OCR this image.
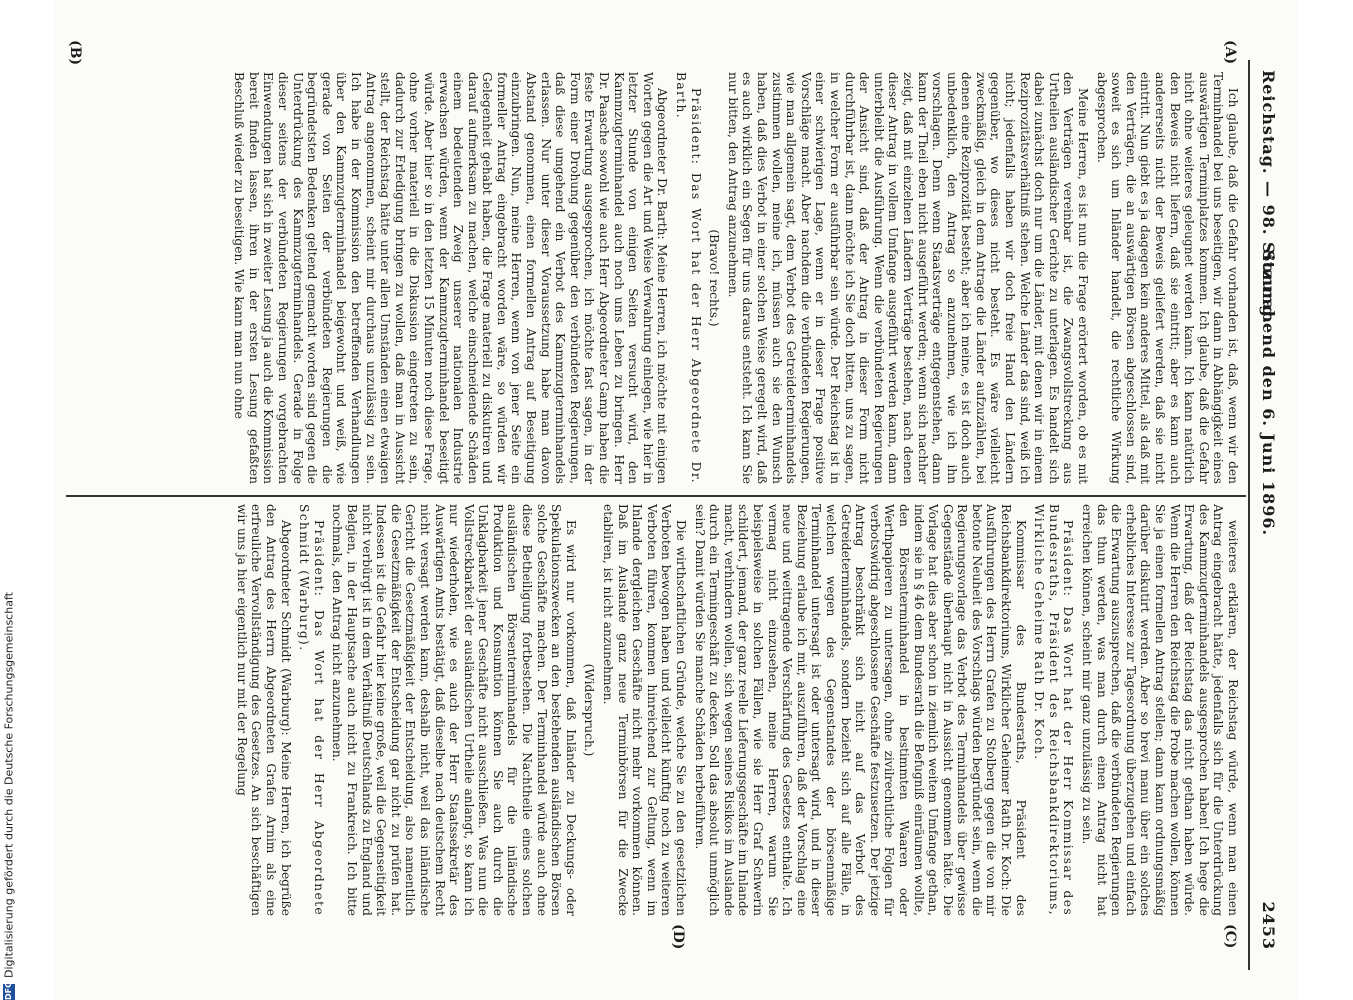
Reichstag. — 98. Sitzung.
Sonnabend den 6. Juni 1896.
2453
(A)
(B)
(C)
(D)

Ich glaube, daß die Gefahr vorhanden ist, daß, wenn wir den Terminhandel bei uns beseitigen, wir dann in Abhängigkeit eines auswärtigen Terminplatzes kommen. Ich glaube, daß die Gefahr nicht ohne weiteres geleugnet werden kann. Ich kann natürlich den Beweis nicht liefern, daß sie eintritt; aber es kann auch andererseits nicht der Beweis geliefert werden, daß sie nicht eintritt. Nun giebt es ja dagegen kein anderes Mittel, als daß mit den Verträgen, die an auswärtigen Börsen abgeschlossen sind, soweit es sich um Inländer handelt, die rechtliche Wirkung abgesprochen.

Meine Herren, es ist nun die Frage erörtert worden, ob es mit den Verträgen vereinbar ist, die Zwangsvollstreckung aus Urtheilen ausländischer Gerichte zu unterlagen. Es handelt sich dabei zunächst doch nur um die Länder, mit denen wir in einem Reziprozitätsverhältniß stehen. Welche Länder das sind, weiß ich nicht; jedenfalls haben wir doch freie Hand den Ländern gegenüber, wo dieses nicht besteht. Es wäre vielleicht zweckmäßig, gleich in dem Antrage die Länder aufzuzählen, bei denen eine Reziprozität besteht; aber ich meine, es ist doch auch unbedenklich, den Antrag so anzunehmen, wie ich ihn vorschlagen. Denn wenn Staatsverträge entgegenstehen, dann kann der Theil eben nicht ausgeführt werden; wenn sich nachher zeigt, daß mit einzelnen Ländern Verträge bestehen, nach denen dieser Antrag in vollem Umfange ausgeführt werden kann, dann unterbleibt die Ausführung. Wenn die verbündeten Regierungen der Ansicht sind, daß der Antrag in dieser Form nicht durchführbar ist, dann möchte ich Sie doch bitten, uns zu sagen, in welcher Form er ausführbar sein würde. Der Reichstag ist in einer schwierigen Lage, wenn er in dieser Frage positive Vorschläge macht. Aber nachdem die verbündeten Regierungen, wie man allgemein sagt, dem Verbot des Getreideterminhandels zustimmen wollen, meine ich, müssen auch sie den Wunsch haben, daß dies Verbot in einer solchen Weise geregelt wird, daß es auch wirklich ein Segen für uns daraus entsteht. Ich kann Sie nur bitten, den Antrag anzunehmen.

(Bravo! rechts.)

Präsident: Das Wort hat der Herr Abgeordnete Dr. Barth.

Abgeordneter Dr. Barth: Meine Herren, ich möchte mit einigen Worten gegen die Art und Weise Verwahrung einlegen, wie hier in letzter Stunde von einigen Seiten versucht wird, den Kammzugterminhandel auch noch ums Leben zu bringen. Herr Dr. Paasche sowohl wie auch Herr Abgeordneter Gamp haben die feste Erwartung ausgesprochen, ich möchte fast sagen, in der Form einer Drohung gegenüber den verbündeten Regierungen, daß diese umgehend ein Verbot des Kammzugterminhandels erlassen. Nur unter dieser Voraussetzung habe man davon Abstand genommen, einen formellen Antrag auf Beseitigung einzubringen. Nun, meine Herren, wenn von jener Seite ein formeller Antrag eingebracht worden wäre, so würden wir Gelegenheit gehabt haben, die Frage materiell zu diskutiren und darauf aufmerksam zu machen, welche einschneidende Schäden einem bedeutenden Zweig unserer nationalen Industrie erwachsen würden, wenn der Kammzugterminhandel beseitigt würde. Aber hier so in den letzten 15 Minuten noch diese Frage, ohne vorher materiell in die Diskussion eingetreten zu sein, dadurch zur Erledigung bringen zu wollen, daß man in Aussicht stellt, der Reichstag hätte unter allen Umständen einen etwaigen Antrag angenommen, scheint mir durchaus unzulässig zu sein. Ich habe in der Kommission den betreffenden Verhandlungen über den Kammzugterminhandel beigewohnt und weiß, wie gerade von Seiten der verbündeten Regierungen die begründetsten Bedenken geltend gemacht worden sind gegen die Unterdrückung des Kammzugterminhandels. Gerade in Folge dieser seitens der verbündeten Regierungen vorgebrachten Einwendungen hat sich in zweiter Lesung ja auch die Kommission bereit finden lassen, ihren in der ersten Lesung gefaßten Beschluß wieder zu beseitigen. Wie kann man nun ohne

weiteres erklären, der Reichstag würde, wenn man einen Antrag eingebracht hätte, jedenfalls sich für die Unterdrückung des Kammzugterminhandels ausgesprochen haben! Ich hege die Erwartung, daß der Reichstag das nicht gethan haben würde. Wenn die Herren den Reichstag die Probe machen wollen, können Sie ja einen formellen Antrag stellen; dann kann ordnungsmäßig darüber diskutirt werden. Aber so brevi manu über ein solches erhebliches Interesse zur Tagesordnung überzugehen und einfach die Erwartung auszusprechen, daß die verbündeten Regierungen das thun werden, was man durch einen Antrag nicht hat erreichen können, scheint mir ganz unzulässig zu sein.

Präsident: Das Wort hat der Herr Kommissar des Bundesraths, Präsident des Reichsbankdirektoriums, Wirkliche Geheime Rath Dr. Koch.

Kommissar des Bundesraths, Präsident des Reichsbankdirektoriums, Wirklicher Geheimer Rath Dr. Koch: Die Ausführungen des Herrn Grafen zu Stolberg gegen die von mir betonte Neuheit des Vorschlags würden begründet sein, wenn die Regierungsvorlage das Verbot des Terminhandels über gewisse Gegenstände überhaupt nicht in Aussicht genommen hätte. Die Vorlage hat dies aber schon in ziemlich weitem Umfange gethan, indem sie in § 46 dem Bundesrath die Befugniß einräumen wollte, den Börsenterminhandel in bestimmten Waaren oder Werthpapieren zu untersagen, ohne zivilrechtliche Folgen für verbotswidrig abgeschlossene Geschäfte festzusetzen. Der jetzige Antrag beschränkt sich nicht auf das Verbot des Getreideterminhandels, sondern bezieht sich auf alle Fälle, in welchen wegen des Gegenstandes der börsenmäßige Terminhandel untersagt ist oder untersagt wird, und in dieser Beziehung erlaube ich mir, auszuführen, daß der Vorschlag eine neue und weittragende Verschärfung des Gesetzes enthalte. Ich vermag nicht einzusehen, meine Herren, warum Sie beispielsweise in solchen Fällen, wie sie Herr Graf Schwerin schildert, jemand, der ganz reelle Lieferungsgeschäfte im Inlande macht, verhindern wollen, sich wegen seines Risikos im Auslande durch ein Termingeschäft zu decken. Soll das absolut unmöglich sein? Damit würden Sie manche Schäden herbeiführen.

Die wirthschaftlichen Gründe, welche Sie zu den gesetzlichen Verboten bewogen haben und vielleicht künftig noch zu weiteren Verboten führen, kommen hinreichend zur Geltung, wenn im Inlande dergleichen Geschäfte nicht mehr vorkommen können. Daß im Auslande ganz neue Terminbörsen für die Zwecke etabliren, ist nicht anzunehmen.

(Widerspruch.)

Es wird nur vorkommen, daß Inländer zu Deckungs- oder Spekulationszwecken an den bestehenden ausländischen Börsen solche Geschäfte machen. Der Terminhandel würde auch ohne diese Betheiligung fortbestehen. Die Nachtheile eines solchen ausländischen Börsenterminhandels für die inländische Produktion und Konsumtion können Sie auch durch die Unklagbarkeit jener Geschäfte nicht ausschließen. Was nun die Vollstreckbarkeit der ausländischen Urtheile anlangt, so kann ich nur wiederholen, wie es auch der Herr Staatssekretär des Auswärtigen Amts bestätigt, daß dieselbe nach deutschem Recht nicht versagt werden kann, deshalb nicht, weil das inländische Gericht die Gesetzmäßigkeit der Entscheidung, also namentlich die Gesetzmäßigkeit der Entscheidung gar nicht zu prüfen hat. Indessen ist die Gefahr hier keine große, weil die Gegenseitigkeit nicht verbürgt ist in dem Verhältniß Deutschlands zu England und Belgien, in der Hauptsache auch nicht zu Frankreich. Ich bitte nochmals, den Antrag nicht anzunehmen.

Präsident: Das Wort hat der Herr Abgeordnete Schmidt (Warburg).

Abgeordneter Schmidt (Warburg): Meine Herren, ich begrüße den Antrag des Herrn Abgeordneten Grafen Arnim als eine erfreuliche Vervollständigung des Gesetzes. An sich beschäftigen wir uns ja hier eigentlich nur mit der Regelung

DFGDigitalisierung gefördert durch die Deutsche Forschungsgemeinschaft
